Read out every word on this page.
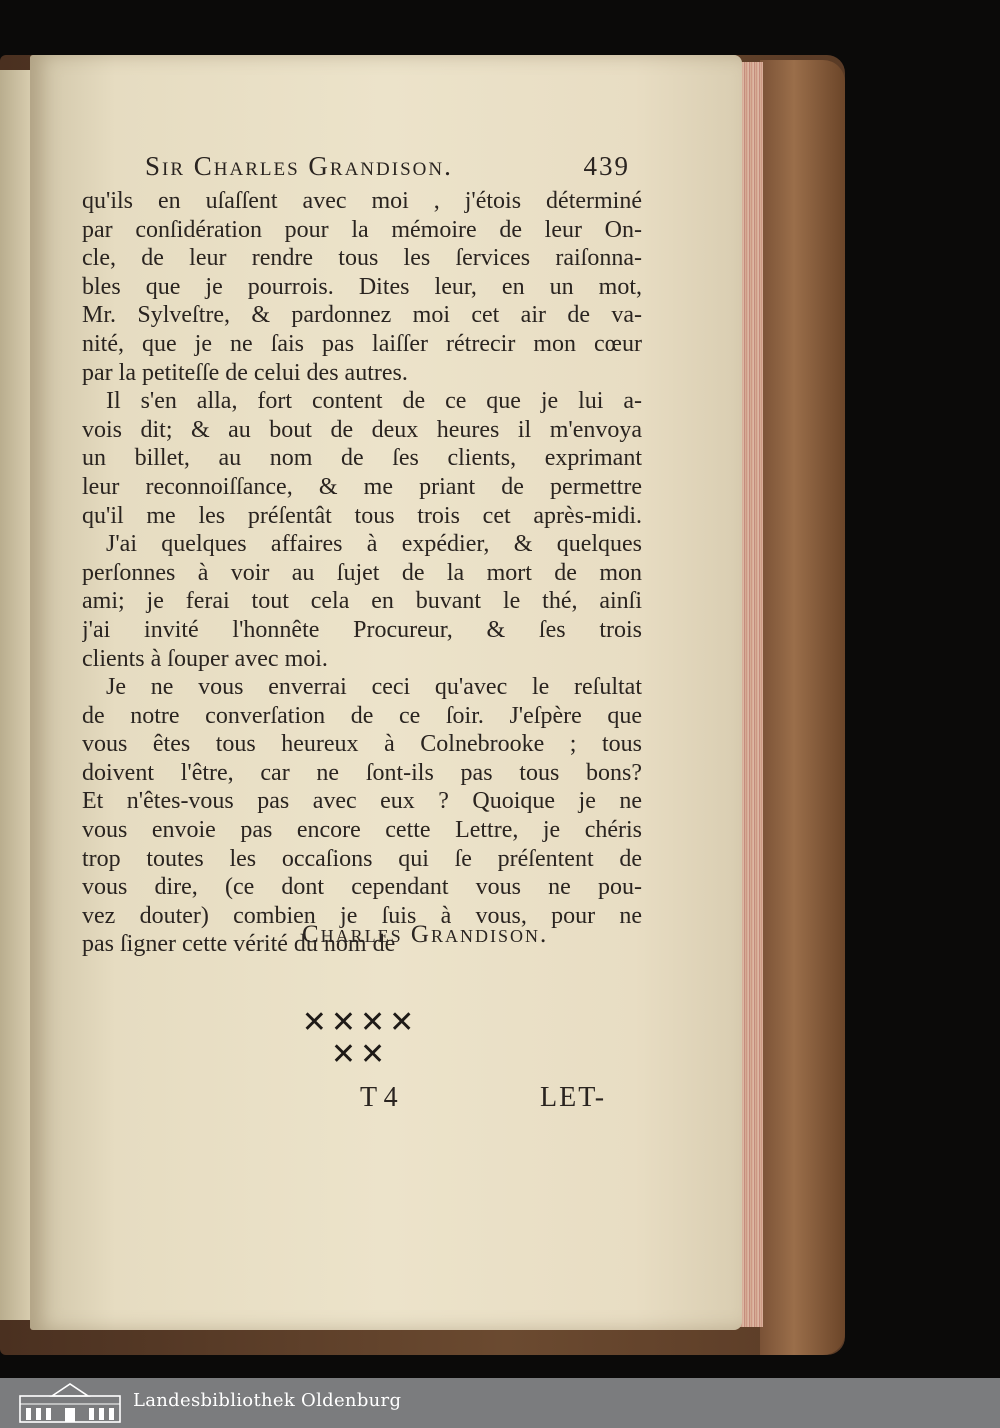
Sir Charles Grandison.	439
qu'ils en uſaſſent avec moi , j'étois déterminé
par conſidération pour la mémoire de leur On-
cle, de leur rendre tous les ſervices raiſonna-
bles que je pourrois. Dites leur, en un mot,
Mr. Sylveſtre, & pardonnez moi cet air de va-
nité, que je ne ſais pas laiſſer rétrecir mon cœur
par la petiteſſe de celui des autres.
Il s'en alla, fort content de ce que je lui a-
vois dit; & au bout de deux heures il m'envoya
un billet, au nom de ſes clients, exprimant
leur reconnoiſſance, & me priant de permettre
qu'il me les préſentât tous trois cet après-midi.
J'ai quelques affaires à expédier, & quelques
perſonnes à voir au ſujet de la mort de mon
ami; je ferai tout cela en buvant le thé, ainſi
j'ai invité l'honnête Procureur, & ſes trois
clients à ſouper avec moi.
Je ne vous enverrai ceci qu'avec le reſultat
de notre converſation de ce ſoir. J'eſpère que
vous êtes tous heureux à Colnebrooke ; tous
doivent l'être, car ne ſont-ils pas tous bons?
Et n'êtes-vous pas avec eux ? Quoique je ne
vous envoie pas encore cette Lettre, je chéris
trop toutes les occaſions qui ſe préſentent de
vous dire, (ce dont cependant vous ne pou-
vez douter) combien je ſuis à vous, pour ne
pas ſigner cette vérité du nom de
Charles Grandison.
✕✕✕✕
✕✕
T 4	LET-
Landesbibliothek Oldenburg
